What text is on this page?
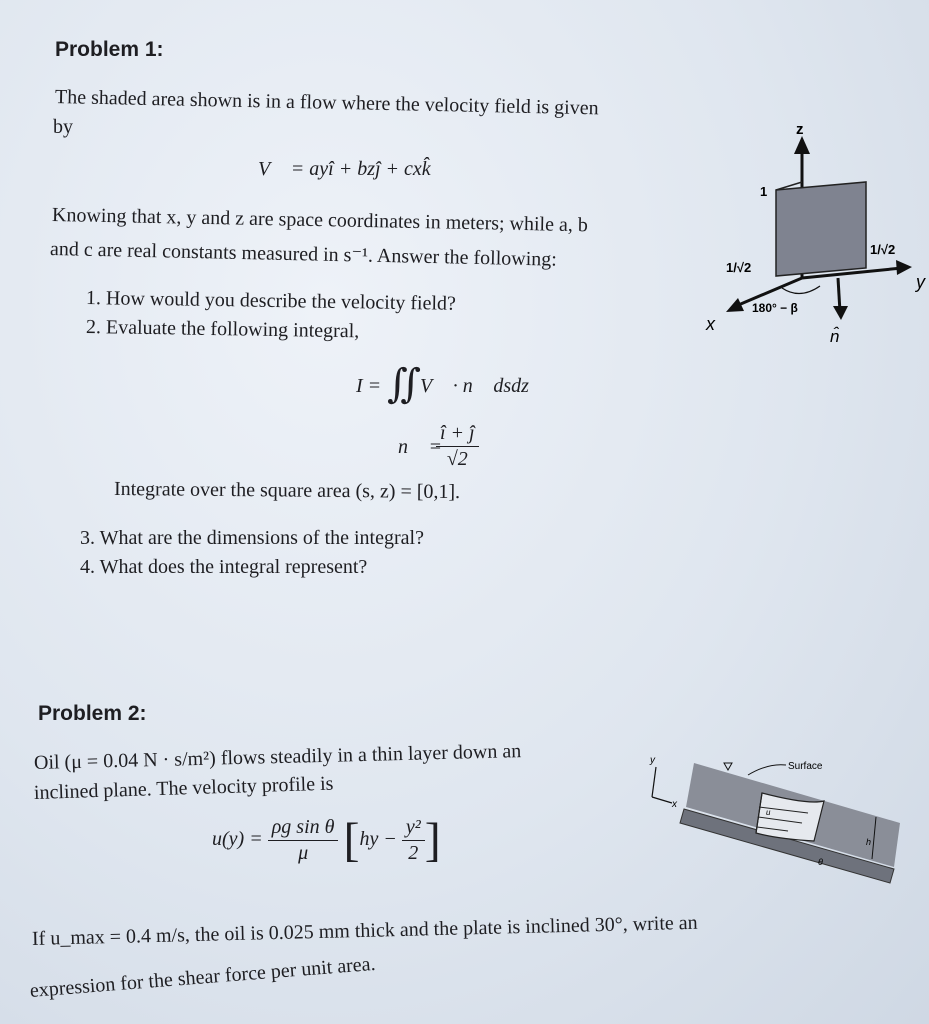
Problem 1:
The shaded area shown is in a flow where the velocity field is given
by
V⃗ = ayî + bzĵ + cxk̂
Knowing that x, y and z are space coordinates in meters; while a, b
and c are real constants measured in s⁻¹. Answer the following:
1. How would you describe the velocity field?
2. Evaluate the following integral,
I = ∬
V⃗ · n⃗ dsdz
n⃗ =
$\frac{î + ĵ}{√2}$
Integrate over the square area (s, z) = [0,1].
3. What are the dimensions of the integral?
4. What does the integral represent?
z
1
1/√2
1/√2
y
x
n̂
180° − β
Problem 2:
Oil (μ = 0.04 N · s/m²) flows steadily in a thin layer down an
inclined plane. The velocity profile is
$u(y) = \frac{\text{ρg sin θ}}{\mu} [hy - \frac{\text{y²}}{2}$ ]
If u_max = 0.4 m/s, the oil is 0.025 mm thick and the plate is inclined 30°, write an
expression for the shear force per unit area.
y
x
u
Surface
h
θ
